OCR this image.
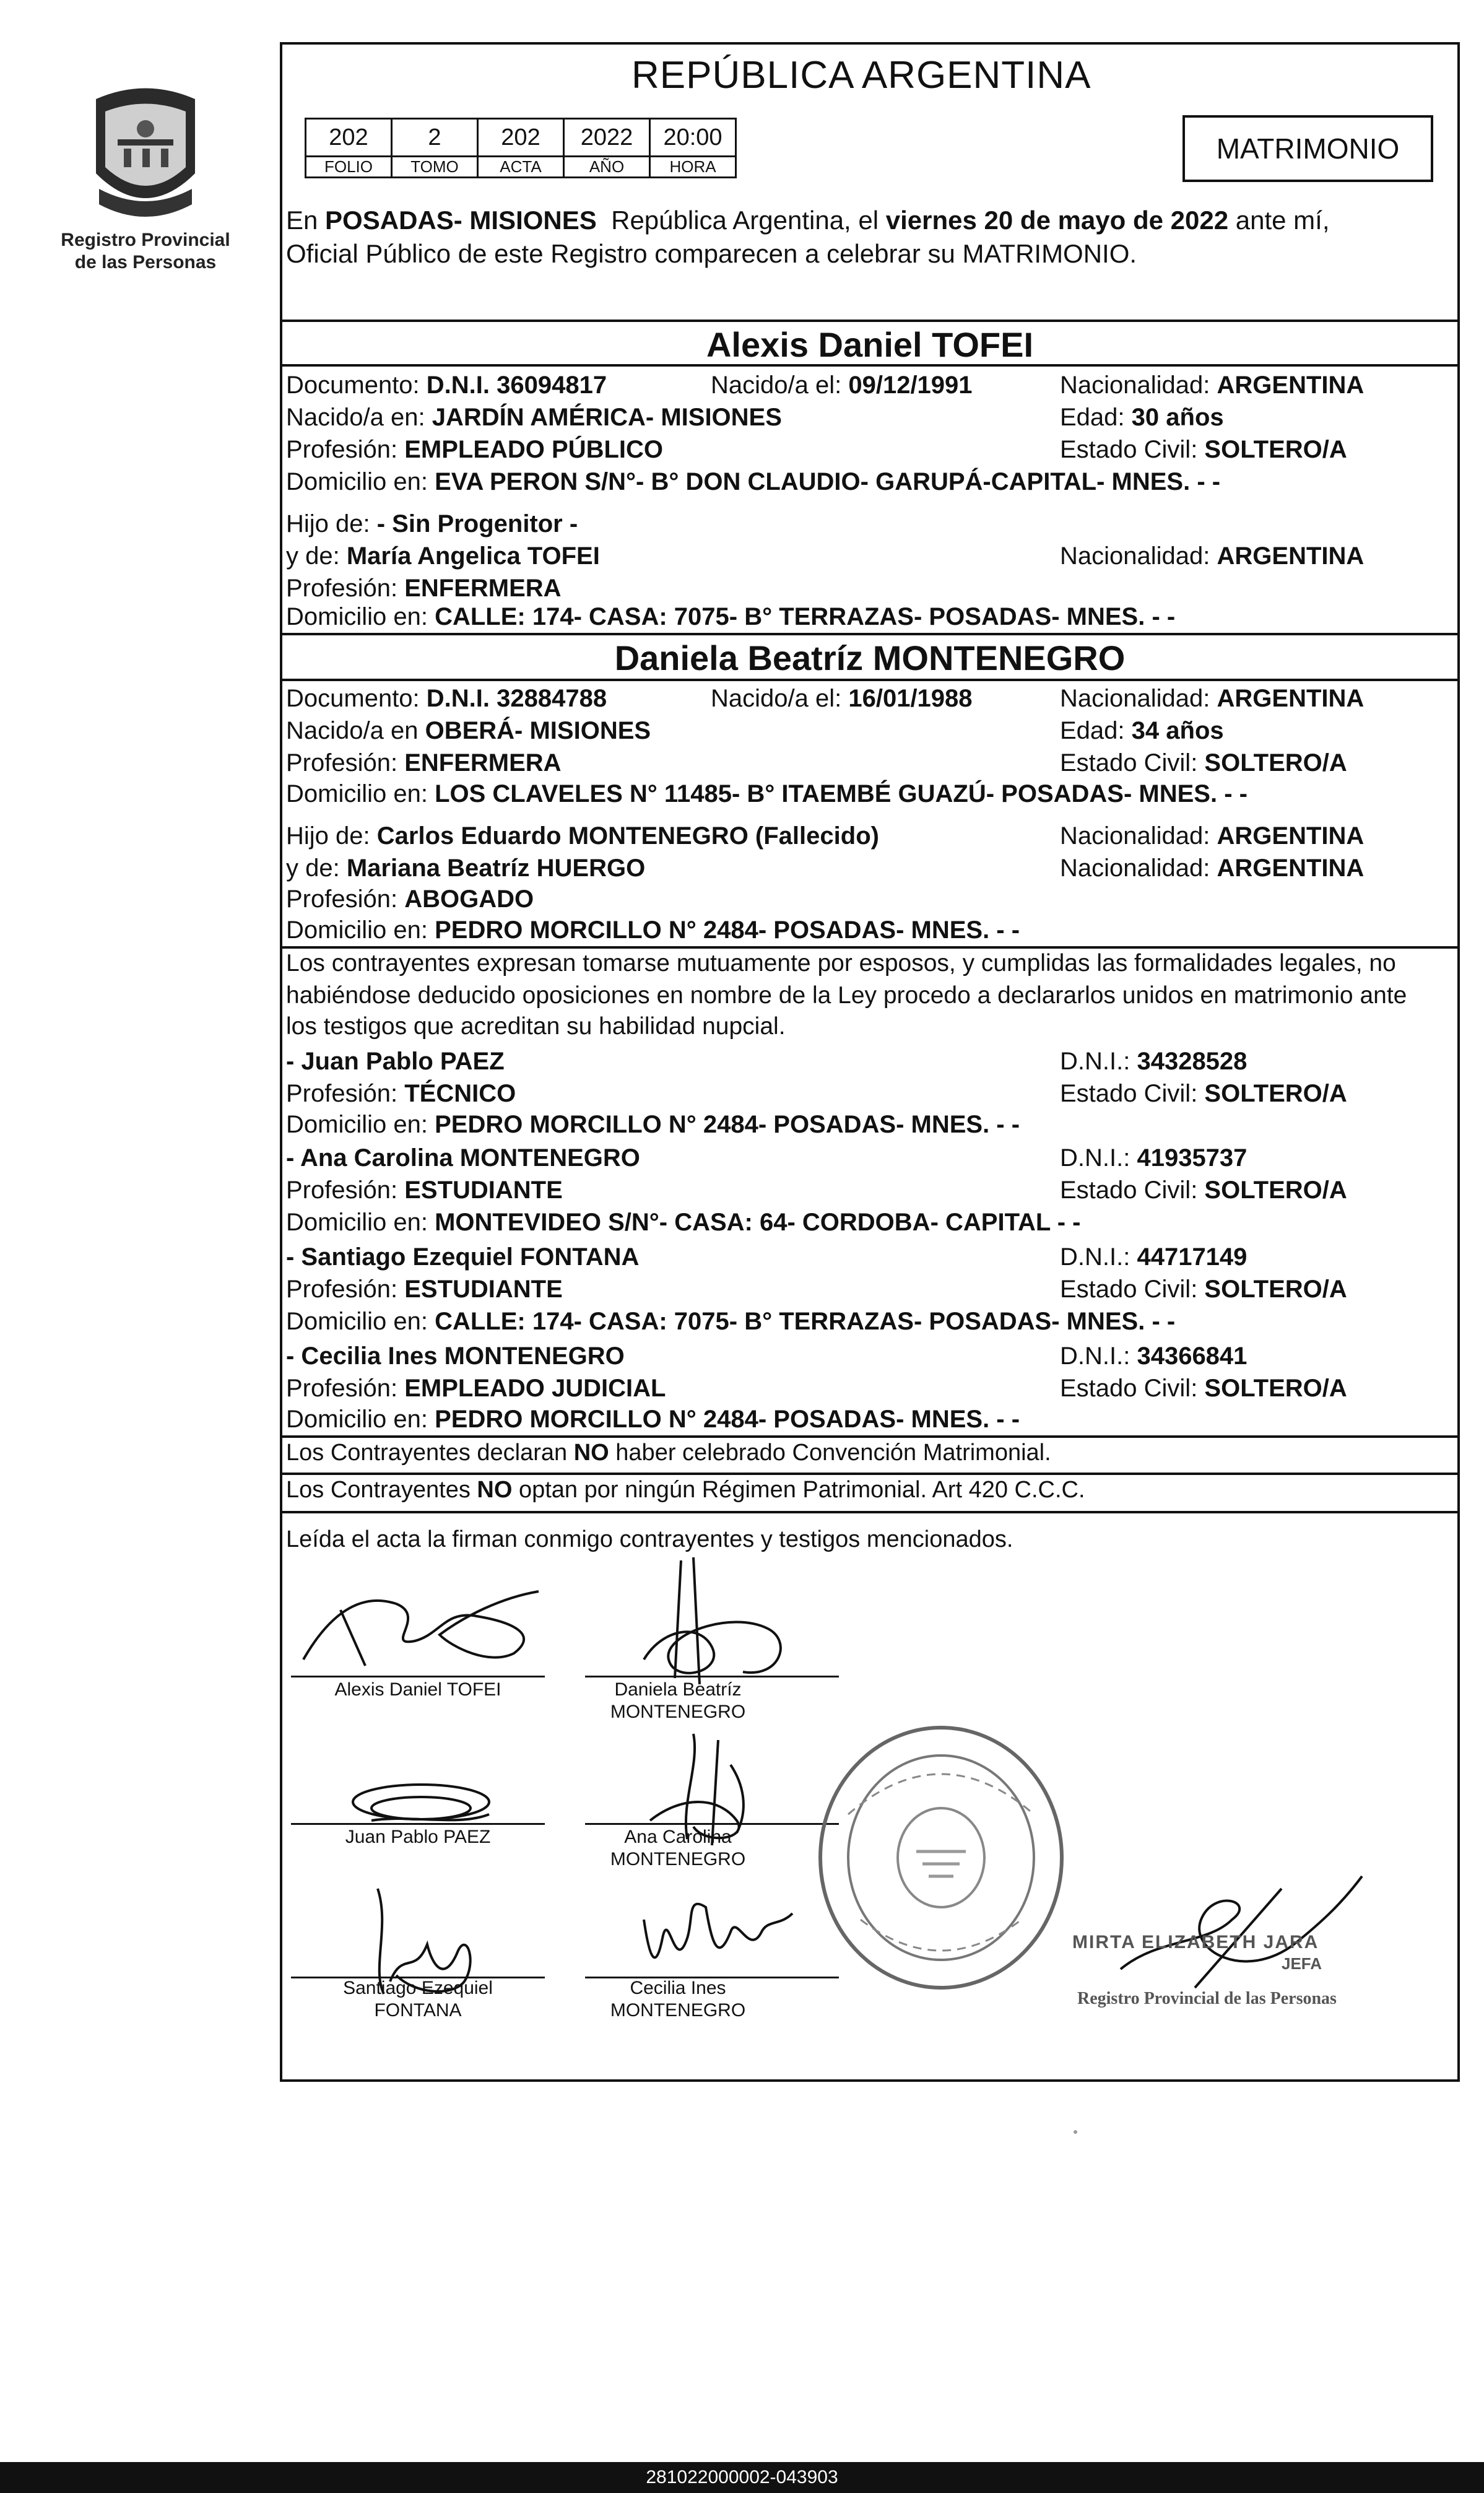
Registro Provincial
de las Personas
REPÚBLICA ARGENTINA
202	2	202	2022	20:00
FOLIO	TOMO	ACTA	AÑO	HORA
MATRIMONIO
En POSADAS- MISIONES  República Argentina, el viernes 20 de mayo de 2022 ante mí,
Oficial Público de este Registro comparecen a celebrar su MATRIMONIO.
Alexis Daniel TOFEI
Documento: D.N.I. 36094817	Nacido/a el: 09/12/1991	Nacionalidad: ARGENTINA
Nacido/a en: JARDÍN AMÉRICA- MISIONES	Edad: 30 años
Profesión: EMPLEADO PÚBLICO	Estado Civil: SOLTERO/A
Domicilio en: EVA PERON S/N°- B° DON CLAUDIO- GARUPÁ-CAPITAL- MNES. - -
Hijo de: - Sin Progenitor -
y de: María Angelica TOFEI	Nacionalidad: ARGENTINA
Profesión: ENFERMERA
Domicilio en: CALLE: 174- CASA: 7075- B° TERRAZAS- POSADAS- MNES. - -
Daniela Beatríz MONTENEGRO
Documento: D.N.I. 32884788	Nacido/a el: 16/01/1988	Nacionalidad: ARGENTINA
Nacido/a en OBERÁ- MISIONES	Edad: 34 años
Profesión: ENFERMERA	Estado Civil: SOLTERO/A
Domicilio en: LOS CLAVELES N° 11485- B° ITAEMBÉ GUAZÚ- POSADAS- MNES. - -
Hijo de: Carlos Eduardo MONTENEGRO (Fallecido)	Nacionalidad: ARGENTINA
y de: Mariana Beatríz HUERGO	Nacionalidad: ARGENTINA
Profesión: ABOGADO
Domicilio en: PEDRO MORCILLO N° 2484- POSADAS- MNES. - -
Los contrayentes expresan tomarse mutuamente por esposos, y cumplidas las formalidades legales, no
habiéndose deducido oposiciones en nombre de la Ley procedo a declararlos unidos en matrimonio ante
los testigos que acreditan su habilidad nupcial.
- Juan Pablo PAEZ	D.N.I.: 34328528
Profesión: TÉCNICO	Estado Civil: SOLTERO/A
Domicilio en: PEDRO MORCILLO N° 2484- POSADAS- MNES. - -
- Ana Carolina MONTENEGRO	D.N.I.: 41935737
Profesión: ESTUDIANTE	Estado Civil: SOLTERO/A
Domicilio en: MONTEVIDEO S/N°- CASA: 64- CORDOBA- CAPITAL - -
- Santiago Ezequiel FONTANA	D.N.I.: 44717149
Profesión: ESTUDIANTE	Estado Civil: SOLTERO/A
Domicilio en: CALLE: 174- CASA: 7075- B° TERRAZAS- POSADAS- MNES. - -
- Cecilia Ines MONTENEGRO	D.N.I.: 34366841
Profesión: EMPLEADO JUDICIAL	Estado Civil: SOLTERO/A
Domicilio en: PEDRO MORCILLO N° 2484- POSADAS- MNES. - -
Los Contrayentes declaran NO haber celebrado Convención Matrimonial.
Los Contrayentes NO optan por ningún Régimen Patrimonial. Art 420 C.C.C.
Leída el acta la firman conmigo contrayentes y testigos mencionados.
Alexis Daniel TOFEI	Daniela Beatríz
MONTENEGRO
Juan Pablo PAEZ	Ana Carolina
MONTENEGRO
Santiago Ezequiel
FONTANA
Cecilia Ines
MONTENEGRO
MIRTA ELIZABETH JARA
JEFA
Registro Provincial de las Personas
281022000002-043903
